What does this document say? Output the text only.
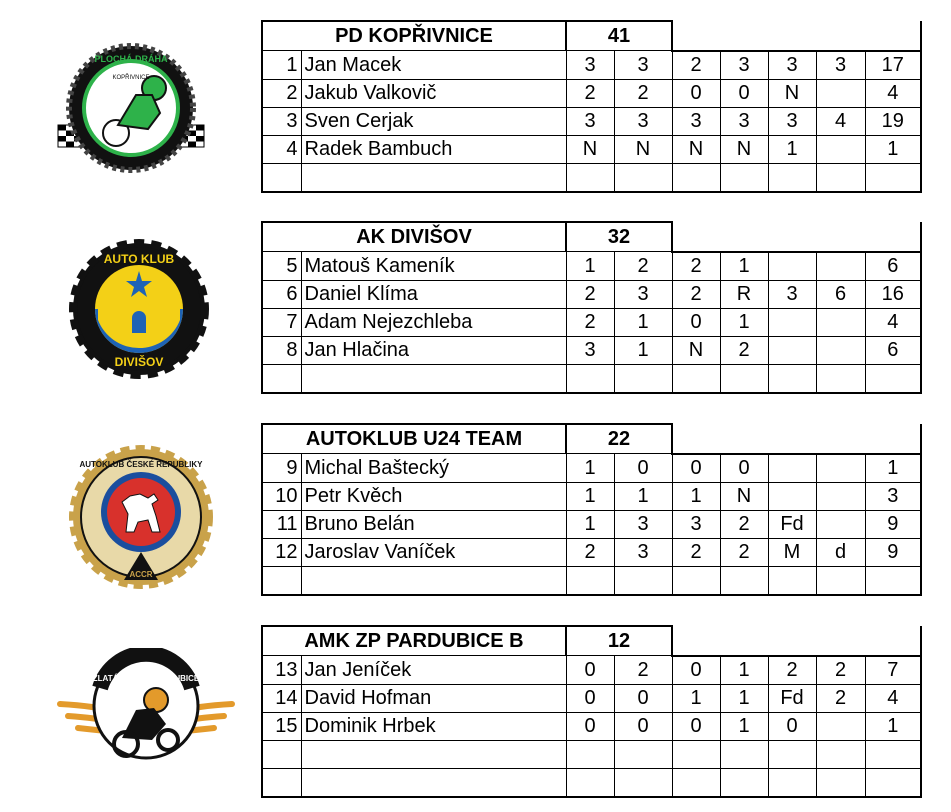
PLOCHÁ DRÁHA
KOPŘIVNICE
AUTO KLUB
DIVIŠOV
ACCR
AUTOKLUB ČESKÉ REPUBLIKY
ZLATÁ PŘILBA PARDUBICE
PD KOPŘIVNICE		41						
1	Jan Macek	3	3	2	3	3	3	17
2	Jakub Valkovič	2	2	0	0	N		4
3	Sven Cerjak	3	3	3	3	3	4	19
4	Radek Bambuch	N	N	N	N	1		1

AK DIVIŠOV		32						
5	Matouš Kameník	1	2	2	1			6
6	Daniel Klíma	2	3	2	R	3	6	16
7	Adam Nejezchleba	2	1	0	1			4
8	Jan Hlačina	3	1	N	2			6

AUTOKLUB U24 TEAM		22						
9	Michal Baštecký	1	0	0	0			1
10	Petr Kvěch	1	1	1	N			3
11	Bruno Belán	1	3	3	2	Fd		9
12	Jaroslav Vaníček	2	3	2	2	M	d	9

AMK ZP PARDUBICE B		12						
13	Jan Jeníček	0	2	0	1	2	2	7
14	David Hofman	0	0	1	1	Fd	2	4
15	Dominik Hrbek	0	0	0	1	0		1
